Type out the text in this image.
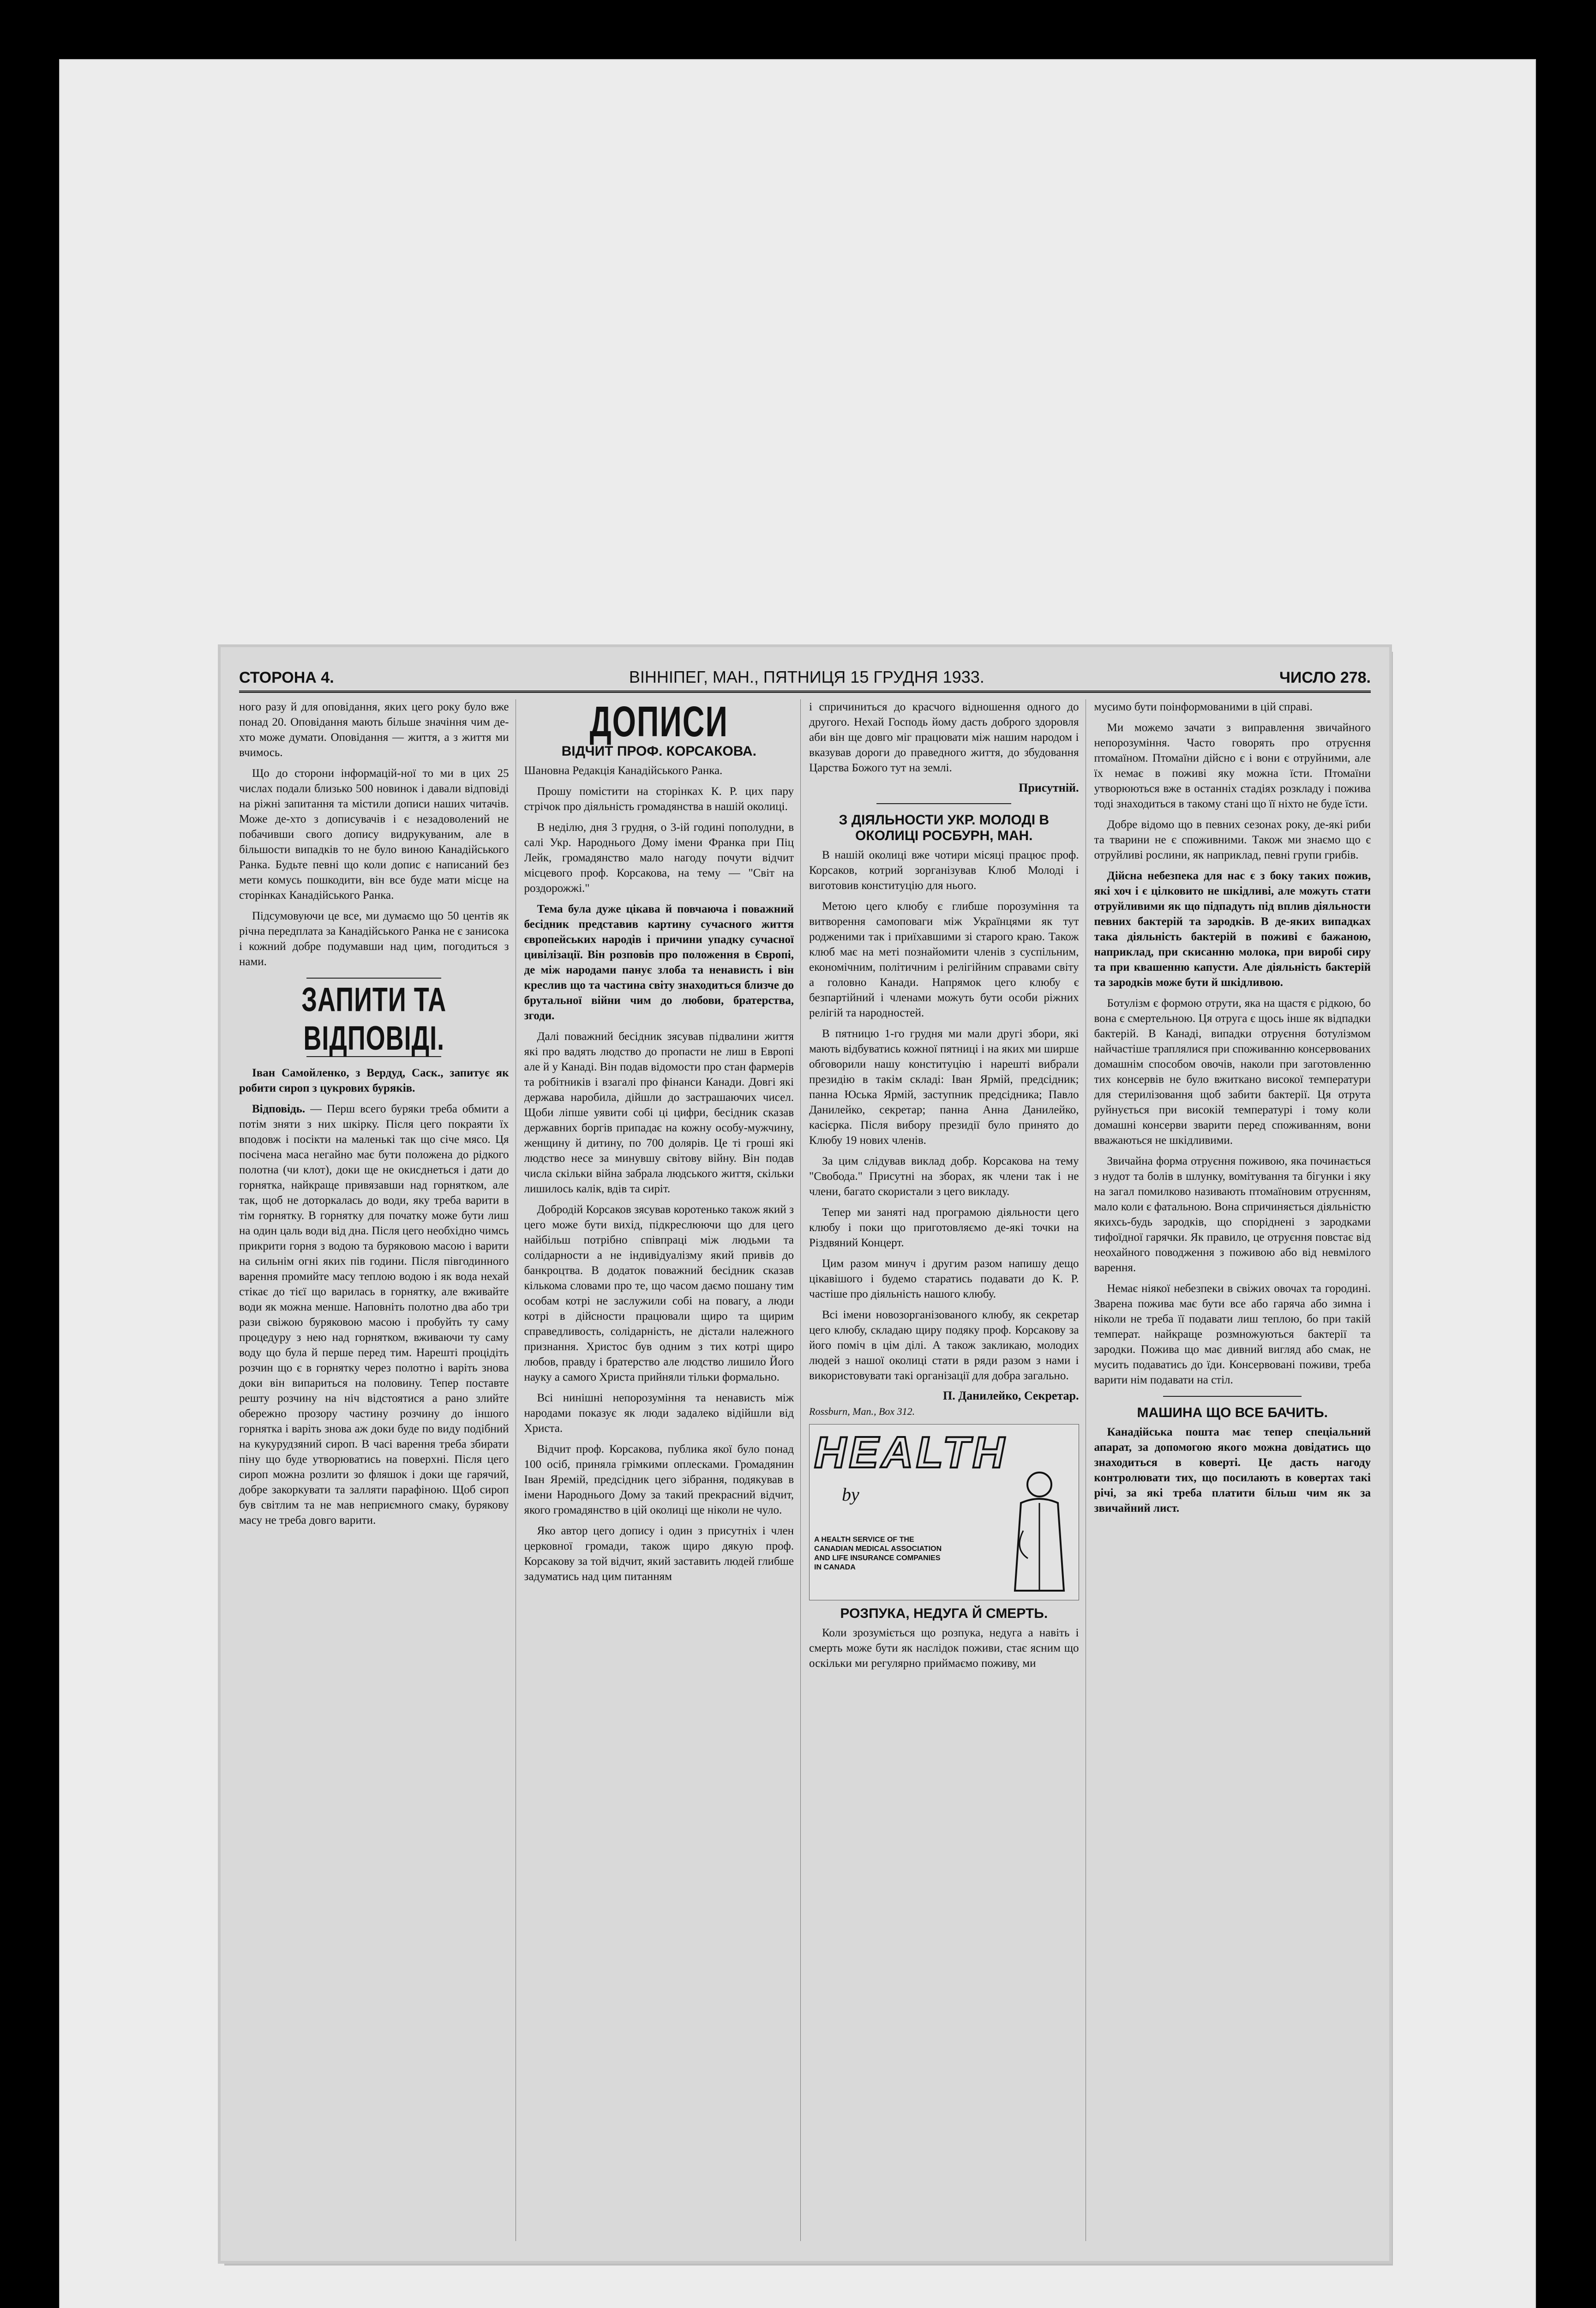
СТОРОНА 4.	ВІННІПЕГ, МАН., ПЯТНИЦЯ 15 ГРУДНЯ 1933.	ЧИСЛО 278.

ного разу й для оповідання, яких цего року було вже понад 20. Оповідання мають більше значіння чим де-хто може думати. Оповідання — життя, а з життя ми вчимось.

Що до сторони інформацій-ної то ми в цих 25 числах подали близько 500 новинок і давали відповіді на ріжні запитання та містили дописи наших читачів. Може де-хто з дописувачів і є незадоволений не побачивши свого допису видрукуваним, але в більшости випадків то не було виною Канадійського Ранка. Будьте певні що коли допис є написаний без мети комусь пошкодити, він все буде мати місце на сторінках Канадійського Ранка.

Підсумовуючи це все, ми думаємо що 50 центів як річна передплата за Канадійського Ранка не є занисока і кожний добре подумавши над цим, погодиться з нами.

ЗАПИТИ ТА ВІДПОВІДІ.

Іван Самойленко, з Вердуд, Саск., запитує як робити сироп з цукрових буряків.

Відповідь. — Перш всего буряки треба обмити а потім зняти з них шкірку. Після цего покраяти їх вподовж і посікти на маленькі так що січе мясо. Ця посічена маса негайно має бути положена до рідкого полотна (чи клот), доки ще не окисднеться і дати до горнятка, найкраще привязавши над горнятком, але так, щоб не доторкалась до води, яку треба варити в тім горнятку. В горнятку для початку може бути лиш на один цаль води від дна. Після цего необхідно чимсь прикрити горня з водою та буряковою масою і варити на сильнім огні яких пів години. Після півгодинного варення промийте масу теплою водою і як вода нехай стікає до тієї що варилась в горнятку, але вживайте води як можна менше. Наповніть полотно два або три рази свіжою буряковою масою і пробуйть ту саму процедуру з нею над горнятком, вживаючи ту саму воду що була й перше перед тим. Нарешті процідіть розчин що є в горнятку через полотно і варіть знова доки він випариться на половину. Тепер поставте решту розчину на ніч відстоятися а рано злийте обережно прозору частину розчину до іншого горнятка і варіть знова аж доки буде по виду подібний на кукурудзяний сироп. В часі варення треба збирати піну що буде утворюватись на поверхні. Після цего сироп можна розлити зо фляшок і доки ще гарячий, добре закоркувати та залляти парафіною. Щоб сироп був світлим та не мав неприємного смаку, бурякову масу не треба довго варити.

ДОПИСИ
ВІДЧИТ ПРОФ. КОРСАКОВА.

Шановна Редакція Канадійського Ранка.

Прошу помістити на сторінках К. Р. цих пару стрічок про діяльність громадянства в нашій околиці.

В неділю, дня 3 грудня, о 3-ій годині пополудни, в салі Укр. Народнього Дому імени Франка при Піц Лейк, громадянство мало нагоду почути відчит місцевого проф. Корсакова, на тему — "Світ на роздорожжі."

Тема була дуже цікава й повчаюча і поважний бесідник представив картину сучасного життя європейських народів і причини упадку сучасної цивілізації. Він розповів про положення в Європі, де між народами панує злоба та ненависть і він креслив що та частина світу знаходиться близче до брутальної війни чим до любови, братерства, згоди.

Далі поважний бесідник зясував підвалини життя які про вадять людство до пропасти не лиш в Европі але й у Канаді. Він подав відомости про стан фармерів та робітників і взагалі про фінанси Канади. Довгі які держава наробила, дійшли до застрашаючих чисел. Щоби ліпше уявити собі ці цифри, бесідник сказав державних боргів припадає на кожну особу-мужчину, женщину й дитину, по 700 долярів. Це ті гроші які людство несе за минувшу світову війну. Він подав числа скільки війна забрала людського життя, скільки лишилось калік, вдів та сиріт.

Добродій Корсаков зясував коротенько також який з цего може бути вихід, підкреслюючи що для цего найбільш потрібно співпраці між людьми та солідарности а не індивідуалізму який привів до банкроцтва. В додаток поважний бесідник сказав кількома словами про те, що часом даємо пошану тим особам котрі не заслужили собі на повагу, а люди котрі в дійсности працювали щиро та щирим справедливость, солідарність, не дістали належного признання. Христос був одним з тих котрі щиро любов, правду і братерство але людство лишило Його науку а самого Христа прийняли тільки формально.

Всі нинішні непорозуміння та ненависть між народами показує як люди задалеко відійшли від Христа.

Відчит проф. Корсакова, публика якої було понад 100 осіб, приняла грімкими оплесками. Громадянин Іван Яремій, предсідник цего зібрання, подякував в імени Народнього Дому за такий прекрасний відчит, якого громадянство в цій околиці ще ніколи не чуло.

Яко автор цего допису і один з присутніх і член церковної громади, також щиро дякую проф. Корсакову за той відчит, який заставить людей глибше задуматись над цим питанням

і спричиниться до красчого відношення одного до другого. Нехай Господь йому дасть доброго здоровля аби він ще довго міг працювати між нашим народом і вказував дороги до праведного життя, до збудовання Царства Божого тут на землі.

Присутній.
З ДІЯЛЬНОСТИ УКР. МОЛОДІ В ОКОЛИЦІ РОСБУРН, МАН.

В нашій околиці вже чотири місяці працює проф. Корсаков, котрий зорганізував Клюб Молоді і виготовив конституцію для нього.

Метою цего клюбу є глибше порозуміння та витворення самоповаги між Українцями як тут родженими так і приїхавшими зі старого краю. Також клюб має на меті познайомити членів з суспільним, економічним, політичним і релігійним справами світу а головно Канади. Напрямок цего клюбу є безпартійний і членами можуть бути особи ріжних релігій та народностей.

В пятницю 1-го грудня ми мали другі збори, які мають відбуватись кожної пятниці і на яких ми ширше обговорили нашу конституцію і нарешті вибрали президію в такім складі: Іван Ярмій, предсідник; панна Юська Ярмій, заступник предсідника; Павло Данилейко, секретар; панна Анна Данилейко, касієрка. Після вибору президії було принято до Клюбу 19 нових членів.

За цим слідував виклад добр. Корсакова на тему "Свобода." Присутні на зборах, як члени так і не члени, багато скористали з цего викладу.

Тепер ми занятi над програмою діяльности цего клюбу і поки що приготовляємо де-які точки на Різдвяний Концерт.

Цим разом минуч і другим разом напишу дещо цікавішого і будемо старатись подавати до К. Р. частіше про діяльність нашого клюбу.

Всі імени новозорганізованого клюбу, як секретар цего клюбу, складаю щиру подяку проф. Корсакову за його поміч в цім ділі. А також закликаю, молодих людей з нашої околиці стати в ряди разом з нами і використовувати такі організації для добра загально.

П. Данилейко, Секретар.
Rossburn, Man., Box 312.
HEALTH
by
A HEALTH SERVICE OF THE CANADIAN MEDICAL ASSOCIATION AND LIFE INSURANCE COMPANIES IN CANADA
РОЗПУКА, НЕДУГА Й СМЕРТЬ.

Коли зрозуміється що розпука, недуга а навіть і смерть може бути як наслідок поживи, стає ясним що оскільки ми регулярно приймаємо поживу, ми

мусимо бути поінформованими в цій справі.

Ми можемо зачати з виправлення звичайного непорозуміння. Часто говорять про отруєння птомаїном. Птомаїни дійсно є і вони є отруйними, але їх немає в поживі яку можна їсти. Птомаїни утворюються вже в останніх стадіях розкладу і пожива тоді знаходиться в такому стані що її ніхто не буде їсти.

Добре відомо що в певних сезонах року, де-які риби та тварини не є споживними. Також ми знаємо що є отруйливі рослини, як наприклад, певні групи грибів.

Дійсна небезпека для нас є з боку таких пожив, які хоч і є цілковито не шкідливі, але можуть стати отруйливими як що підпадуть під вплив діяльности певних бактерій та зародків. В де-яких випадках така діяльність бактерій в поживі є бажаною, наприклад, при скисанню молока, при виробі сиру та при квашенню капусти. Але діяльність бактерій та зародків може бути й шкідливою.

Ботулізм є формою отрути, яка на щастя є рідкою, бо вона є смертельною. Ця отруга є щось інше як відпадки бактерій. В Канаді, випадки отруєння ботулізмом найчастіше траплялися при споживанню консервованих домашнім способом овочів, наколи при заготовленню тих консервів не було вжиткано високої температури для стерилізовання щоб забити бактерії. Ця отрута руйнується при високій температурі і тому коли домашні консерви зварити перед споживанням, вони вважаються не шкідливими.

Звичайна форма отруєння поживою, яка починається з нудот та болів в шлунку, вомітування та бігунки і яку на загал помилково називають птомаїновим отруєнням, мало коли є фатальною. Вона спричиняється діяльністю якихсь-будь зародків, що споріднені з зародками тифоїдної гарячки. Як правило, це отруєння повстає від неохайного поводження з поживою або від невмілого варення.

Немає ніякої небезпеки в свіжих овочах та городині. Зварена пожива має бути все або гаряча або зимна і ніколи не треба її подавати лиш теплою, бо при такій температ. найкраще розмножуються бактерії та зародки. Пожива що має дивний вигляд або смак, не мусить подаватись до їди. Консервовані поживи, треба варити нім подавати на стіл.

МАШИНА ЩО ВСЕ БАЧИТЬ.

Канадійська пошта має тепер спеціальний апарат, за допомогою якого можна довідатись що знаходиться в коверті. Це дасть нагоду контролювати тих, що посилають в ковертах такі річі, за які треба платити більш чим як за звичайний лист.
